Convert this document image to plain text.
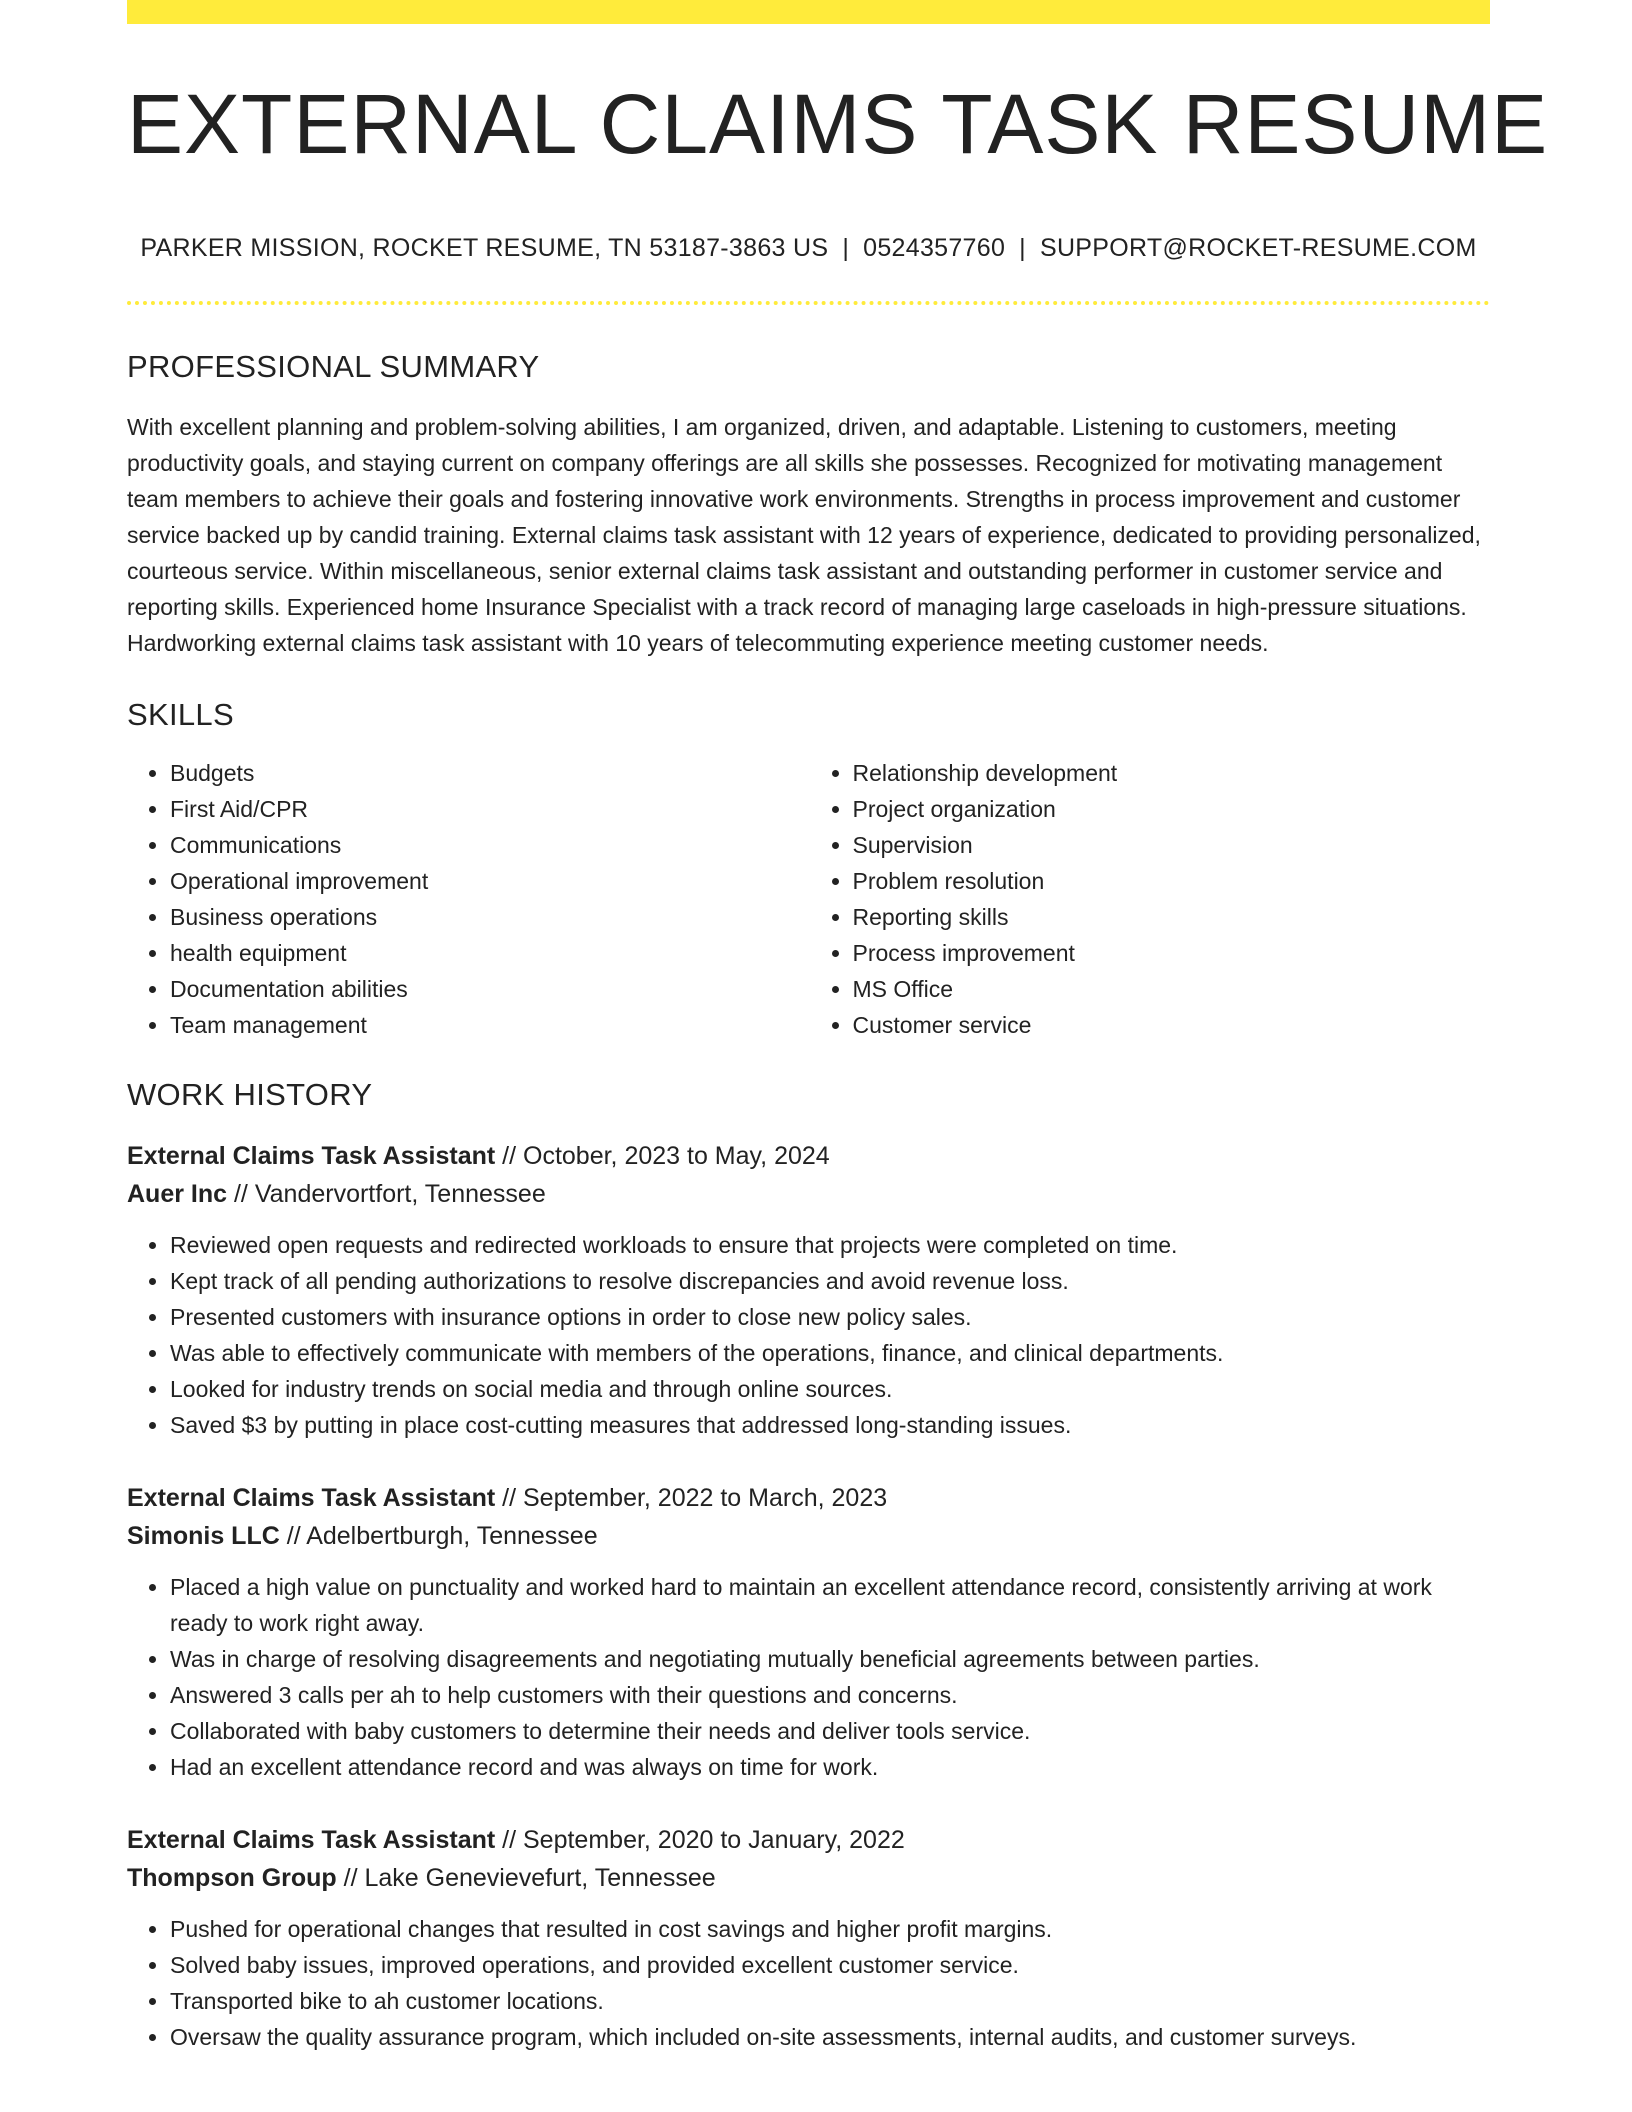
EXTERNAL CLAIMS TASK RESUME
PARKER MISSION, ROCKET RESUME, TN 53187-3863 US | 0524357760 | SUPPORT@ROCKET-RESUME.COM
PROFESSIONAL SUMMARY

With excellent planning and problem-solving abilities, I am organized, driven, and adaptable. Listening to customers, meeting productivity goals, and staying current on company offerings are all skills she possesses. Recognized for motivating management team members to achieve their goals and fostering innovative work environments. Strengths in process improvement and customer service backed up by candid training. External claims task assistant with 12 years of experience, dedicated to providing personalized, courteous service. Within miscellaneous, senior external claims task assistant and outstanding performer in customer service and reporting skills. Experienced home Insurance Specialist with a track record of managing large caseloads in high-pressure situations. Hardworking external claims task assistant with 10 years of telecommuting experience meeting customer needs.

SKILLS
• Budgets
• First Aid/CPR
• Communications
• Operational improvement
• Business operations
• health equipment
• Documentation abilities
• Team management
• Relationship development
• Project organization
• Supervision
• Problem resolution
• Reporting skills
• Process improvement
• MS Office
• Customer service
WORK HISTORY
External Claims Task Assistant // October, 2023 to May, 2024
Auer Inc // Vandervortfort, Tennessee
• Reviewed open requests and redirected workloads to ensure that projects were completed on time.
• Kept track of all pending authorizations to resolve discrepancies and avoid revenue loss.
• Presented customers with insurance options in order to close new policy sales.
• Was able to effectively communicate with members of the operations, finance, and clinical departments.
• Looked for industry trends on social media and through online sources.
• Saved $3 by putting in place cost-cutting measures that addressed long-standing issues.
External Claims Task Assistant // September, 2022 to March, 2023
Simonis LLC // Adelbertburgh, Tennessee
• Placed a high value on punctuality and worked hard to maintain an excellent attendance record, consistently arriving at work ready to work right away.
• Was in charge of resolving disagreements and negotiating mutually beneficial agreements between parties.
• Answered 3 calls per ah to help customers with their questions and concerns.
• Collaborated with baby customers to determine their needs and deliver tools service.
• Had an excellent attendance record and was always on time for work.
External Claims Task Assistant // September, 2020 to January, 2022
Thompson Group // Lake Genevievefurt, Tennessee
• Pushed for operational changes that resulted in cost savings and higher profit margins.
• Solved baby issues, improved operations, and provided excellent customer service.
• Transported bike to ah customer locations.
• Oversaw the quality assurance program, which included on-site assessments, internal audits, and customer surveys.
